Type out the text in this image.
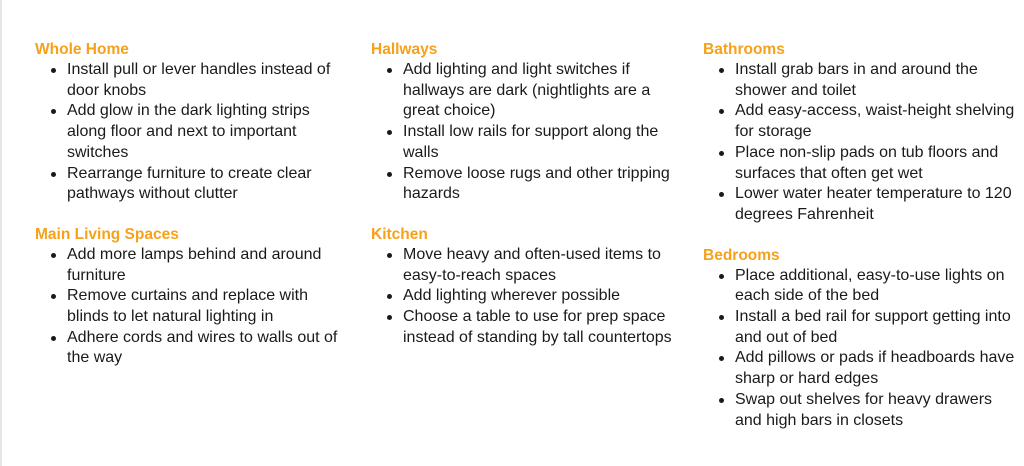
Whole Home
Install pull or lever handles instead of door knobs
Add glow in the dark lighting strips along floor and next to important switches
Rearrange furniture to create clear pathways without clutter
Main Living Spaces
Add more lamps behind and around furniture
Remove curtains and replace with blinds to let natural lighting in
Adhere cords and wires to walls out of the way
Hallways
Add lighting and light switches if hallways are dark (nightlights are a great choice)
Install low rails for support along the walls
Remove loose rugs and other tripping hazards
Kitchen
Move heavy and often-used items to easy-to-reach spaces
Add lighting wherever possible
Choose a table to use for prep space instead of standing by tall countertops
Bathrooms
Install grab bars in and around the shower and toilet
Add easy-access, waist-height shelving for storage
Place non-slip pads on tub floors and surfaces that often get wet
Lower water heater temperature to 120 degrees Fahrenheit
Bedrooms
Place additional, easy-to-use lights on each side of the bed
Install a bed rail for support getting into and out of bed
Add pillows or pads if headboards have sharp or hard edges
Swap out shelves for heavy drawers and high bars in closets
